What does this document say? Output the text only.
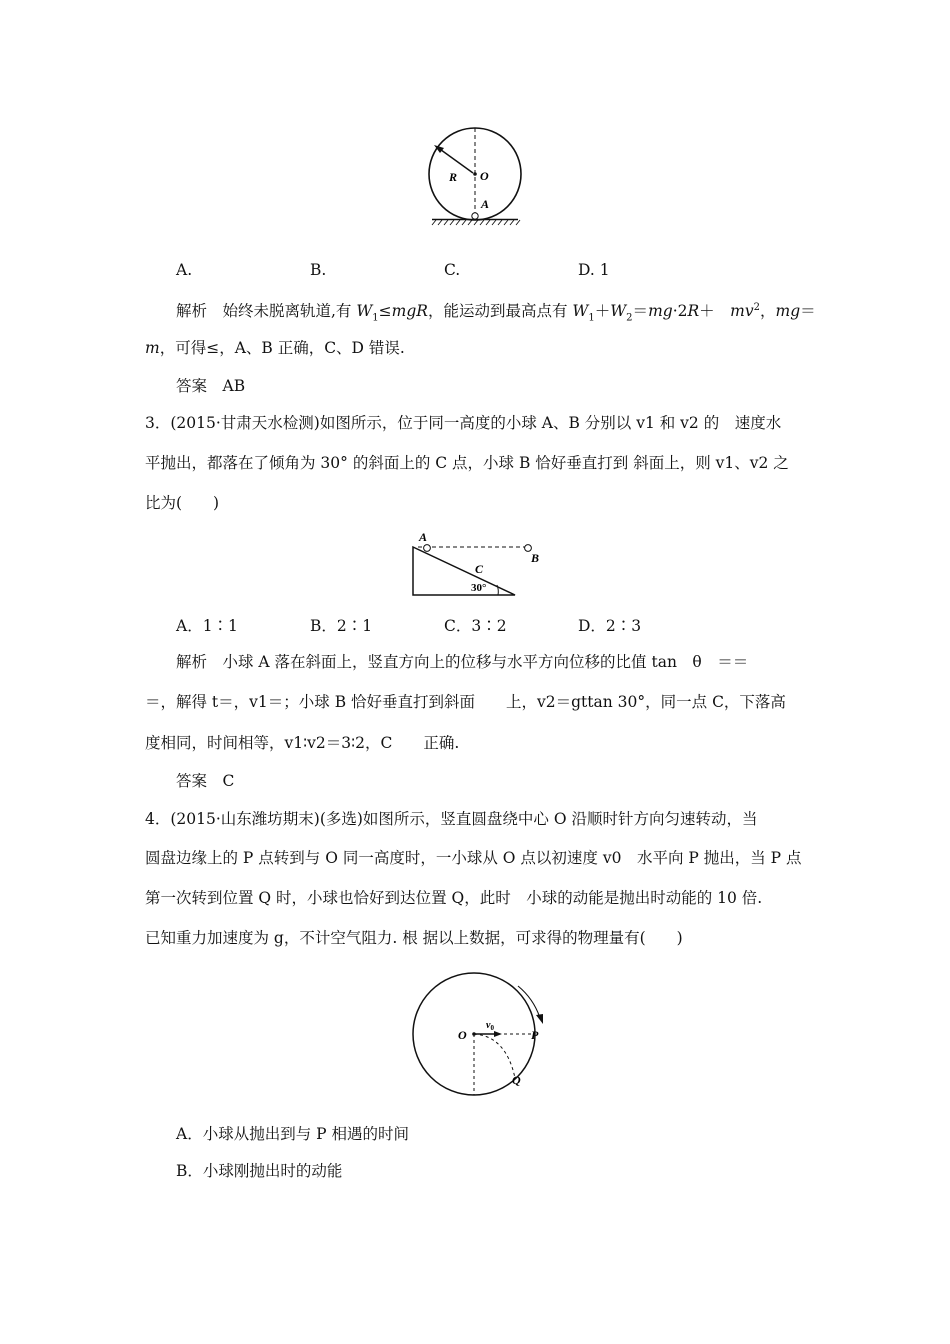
R O
A
A.	B.	C.	D. 1
解析　始终未脱离轨道,有 $W_1\le mgR$，能运动到最高点有 $W_1+W_2=mg\cdot 2R+$　$mv^2$，mg＝
m，可得≤，A、B 正确，C、D 错误.
答案　AB
3．(2015·甘肃天水检测)如图所示，位于同一高度的小球 A、B 分别以 v1 和 v2 的　速度水
平抛出，都落在了倾角为 30° 的斜面上的 C 点，小球 B 恰好垂直打到 斜面上，则 v1、v2 之
比为(　　)
A
B
C
30°
A．1∶1	B．2∶1	C．3∶2	D．2∶3
解析　小球 A 落在斜面上，竖直方向上的位移与水平方向位移的比值 tan　θ　＝＝
＝，解得 t＝，v1＝；小球 B 恰好垂直打到斜面　　上，v2＝gttan 30°，同一点 C，下落高
度相同，时间相等，v1∶v2＝3∶2，C　　正确.
答案　C
4．(2015·山东潍坊期末)(多选)如图所示，竖直圆盘绕中心 O 沿顺时针方向匀速转动，当
圆盘边缘上的 P 点转到与 O 同一高度时，一小球从 O 点以初速度 v0　水平向 P 抛出，当 P 点
第一次转到位置 Q 时，小球也恰好到达位置 Q，此时　小球的动能是抛出时动能的 10 倍.
已知重力加速度为 g，不计空气阻力. 根 据以上数据，可求得的物理量有(　　)
O
$v_0$	P
Q
A．小球从抛出到与 P 相遇的时间
B．小球刚抛出时的动能
